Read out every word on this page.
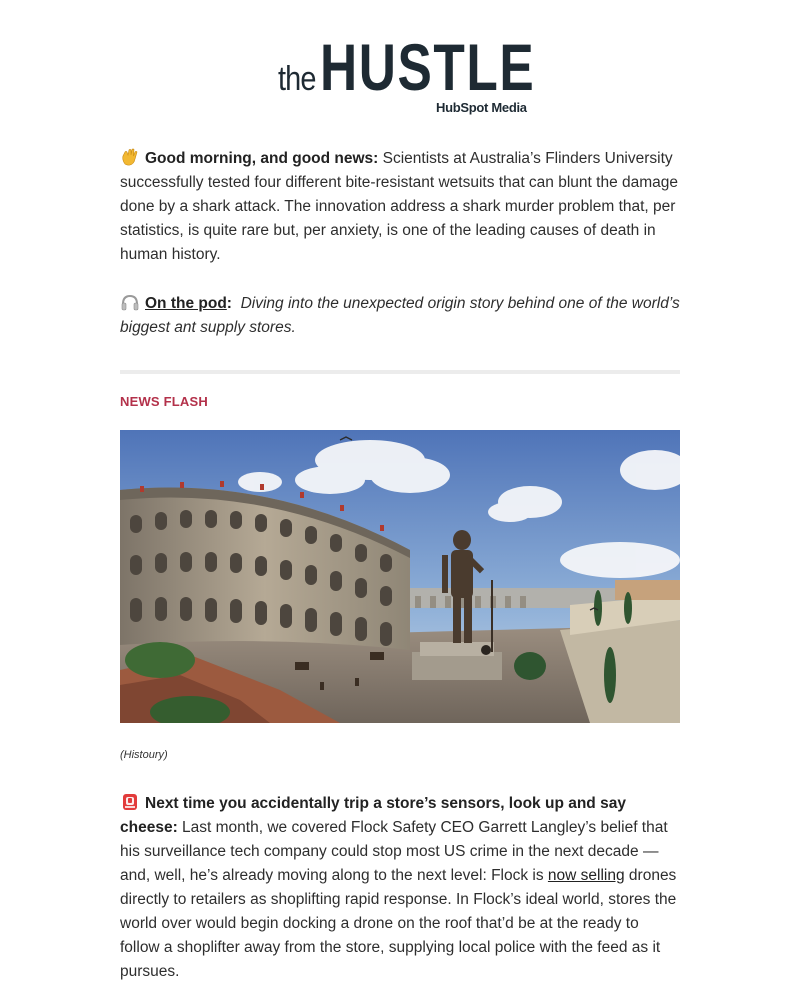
the HUSTLE
HubSpot Media

Good morning, and good news: Scientists at Australia’s Flinders University successfully tested four different bite-resistant wetsuits that can blunt the damage done by a shark attack. The innovation address a shark murder problem that, per statistics, is quite rare but, per anxiety, is one of the leading causes of death in human history.

On the pod: Diving into the unexpected origin story behind one of the world’s biggest ant supply stores.

NEWS FLASH
(Histoury)

Next time you accidentally trip a store’s sensors, look up and say cheese: Last month, we covered Flock Safety CEO Garrett Langley’s belief that his surveillance tech company could stop most US crime in the next decade — and, well, he’s already moving along to the next level: Flock is now selling drones directly to retailers as shoplifting rapid response. In Flock’s ideal world, stores the world over would begin docking a drone on the roof that’d be at the ready to follow a shoplifter away from the store, supplying local police with the feed as it pursues.
